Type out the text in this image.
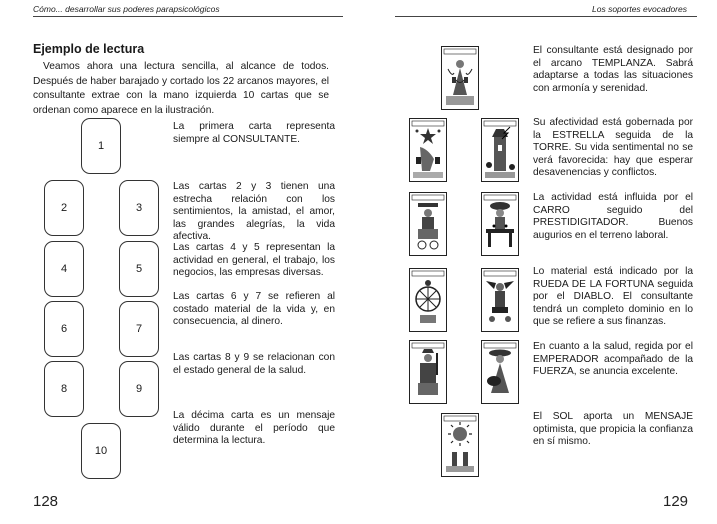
Cómo... desarrollar sus poderes parapsicológicos
Ejemplo de lectura
Veamos ahora una lectura sencilla, al alcance de todos. Después de haber barajado y cortado los 22 arcanos mayores, el consultante extrae con la mano izquierda 10 cartas que se ordenan como aparece en la ilustración.
1
2	3
4	5
6	7
8	9
10
La primera carta representa siempre al CONSULTANTE.
Las cartas 2 y 3 tienen una estrecha relación con los sentimientos, la amistad, el amor, las grandes alegrías, la vida afectiva.
Las cartas 4 y 5 representan la actividad en general, el trabajo, los negocios, las empresas diversas.
Las cartas 6 y 7 se refieren al costado material de la vida y, en consecuencia, al dinero.
Las cartas 8 y 9 se relacionan con el estado general de la salud.
La décima carta es un mensaje válido durante el período que determina la lectura.
128
Los soportes evocadores
El consultante está designado por el arcano TEMPLANZA. Sabrá adaptarse a todas las situaciones con armonía y serenidad.
Su afectividad está gobernada por la ESTRELLA seguida de la TORRE. Su vida sentimental no se verá favorecida: hay que esperar desavenencias y conflictos.
La actividad está influida por el CARRO seguido del PRESTIDIGITADOR. Buenos augurios en el terreno laboral.
Lo material está indicado por la RUEDA DE LA FORTUNA seguida por el DIABLO. El consultante tendrá un completo dominio en lo que se refiere a sus finanzas.
En cuanto a la salud, regida por el EMPERADOR acompañado de la FUERZA, se anuncia excelente.
El SOL aporta un MENSAJE optimista, que propicia la confianza en sí mismo.
129
